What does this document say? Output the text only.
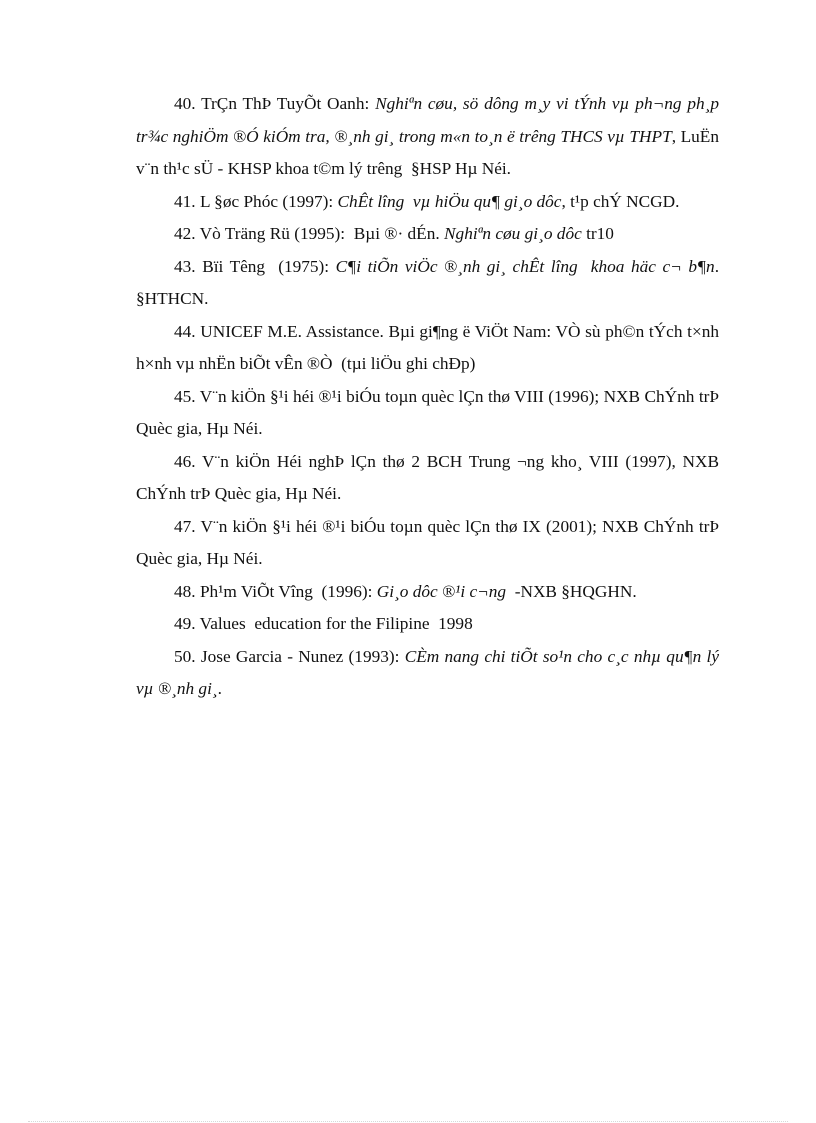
40. TrÇn ThÞ TuyÕt Oanh: Nghiªn cøu, sö dông m¸y vi tÝnh vµ ph¬ng ph¸p tr¾c nghiÖm ®Ó kiÓm tra, ®¸nh gi¸ trong m«n to¸n ë trêng THCS vµ THPT, LuËn v¨n th¹c sÜ - KHSP khoa t©m lý trêng  §HSP Hµ Néi.

41. L §øc Phóc (1997): ChÊt lîng  vµ hiÖu qu¶ gi¸o dôc, t¹p chÝ NCGD.

42. Vò Träng Rü (1995):  Bµi ®· dÉn. Nghiªn cøu gi¸o dôc tr10

43. Bïi Têng  (1975): C¶i tiÕn viÖc ®¸nh gi¸ chÊt lîng  khoa häc c¬ b¶n. §HTHCN.

44. UNICEF M.E. Assistance. Bµi gi¶ng ë ViÖt Nam: VÒ sù ph©n tÝch t×nh h×nh vµ nhËn biÕt vÊn ®Ò  (tµi liÖu ghi chÐp)

45. V¨n kiÖn §¹i héi ®¹i biÓu toµn quèc lÇn thø VIII (1996); NXB ChÝnh trÞ Quèc gia, Hµ Néi.

46. V¨n kiÖn Héi nghÞ lÇn thø 2 BCH Trung ¬ng kho¸ VIII (1997), NXB ChÝnh trÞ Quèc gia, Hµ Néi.

47. V¨n kiÖn §¹i héi ®¹i biÓu toµn quèc lÇn thø IX (2001); NXB ChÝnh trÞ Quèc gia, Hµ Néi.

48. Ph¹m ViÕt Vîng  (1996): Gi¸o dôc ®¹i c¬ng  -NXB §HQGHN.

49. Values  education for the Filipine  1998

50. Jose Garcia - Nunez (1993): CÈm nang chi tiÕt so¹n cho c¸c nhµ qu¶n lý vµ ®¸nh gi¸.
